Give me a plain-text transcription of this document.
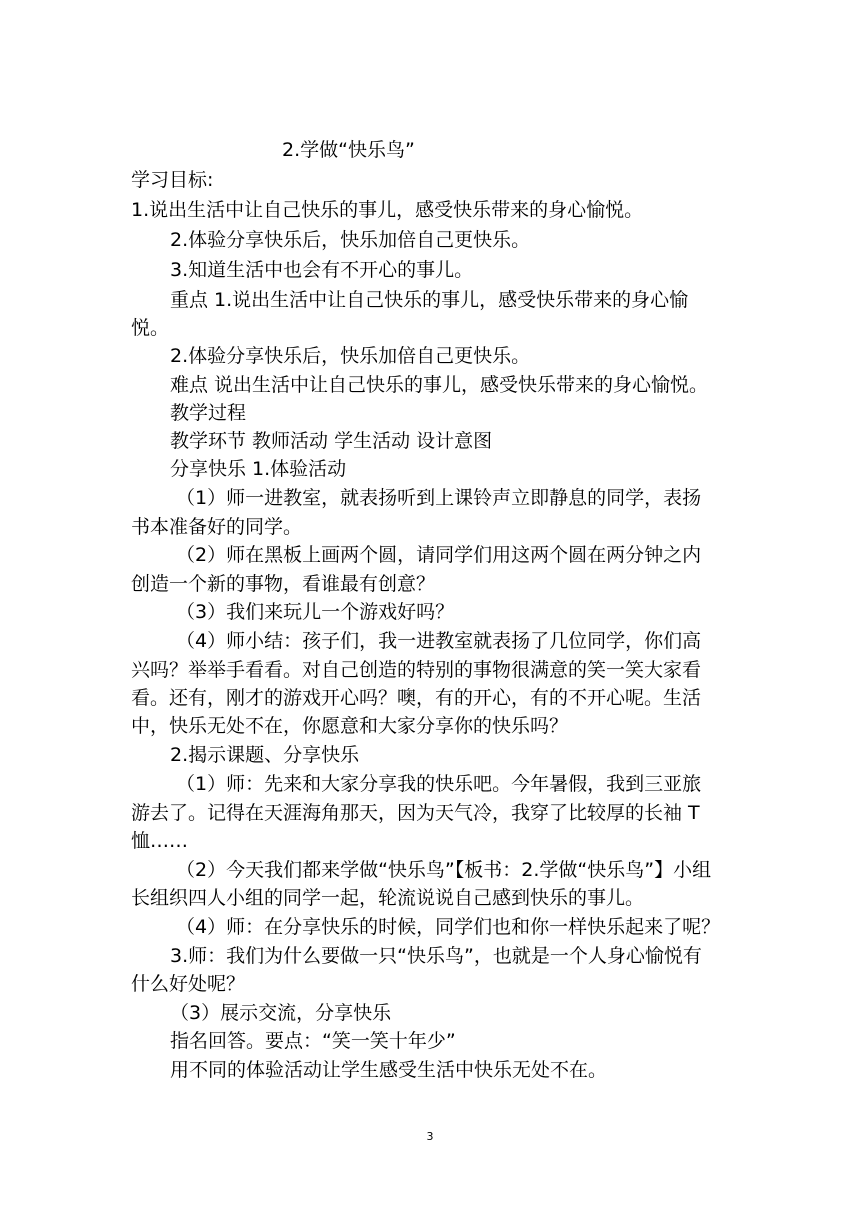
2.学做“快乐鸟”
学习目标:
1.说出生活中让自己快乐的事儿，感受快乐带来的身心愉悦。
2.体验分享快乐后，快乐加倍自己更快乐。
3.知道生活中也会有不开心的事儿。
重点 1.说出生活中让自己快乐的事儿，感受快乐带来的身心愉
悦。
2.体验分享快乐后，快乐加倍自己更快乐。
难点 说出生活中让自己快乐的事儿，感受快乐带来的身心愉悦。
教学过程
教学环节 教师活动 学生活动 设计意图
分享快乐 1.体验活动
（1）师一进教室，就表扬听到上课铃声立即静息的同学，表扬
书本准备好的同学。
（2）师在黑板上画两个圆，请同学们用这两个圆在两分钟之内
创造一个新的事物，看谁最有创意？
（3）我们来玩儿一个游戏好吗？
（4）师小结：孩子们，我一进教室就表扬了几位同学，你们高
兴吗？举举手看看。对自己创造的特别的事物很满意的笑一笑大家看
看。还有，刚才的游戏开心吗？噢，有的开心，有的不开心呢。生活
中，快乐无处不在，你愿意和大家分享你的快乐吗？
2.揭示课题、分享快乐
（1）师：先来和大家分享我的快乐吧。今年暑假，我到三亚旅
游去了。记得在天涯海角那天，因为天气冷，我穿了比较厚的长袖 T
恤……
（2）今天我们都来学做“快乐鸟”【板书：2.学做“快乐鸟”】小组
长组织四人小组的同学一起，轮流说说自己感到快乐的事儿。
（4）师：在分享快乐的时候，同学们也和你一样快乐起来了呢？
3.师：我们为什么要做一只“快乐鸟”，也就是一个人身心愉悦有
什么好处呢？
（3）展示交流，分享快乐
指名回答。要点：“笑一笑十年少”
用不同的体验活动让学生感受生活中快乐无处不在。
3
